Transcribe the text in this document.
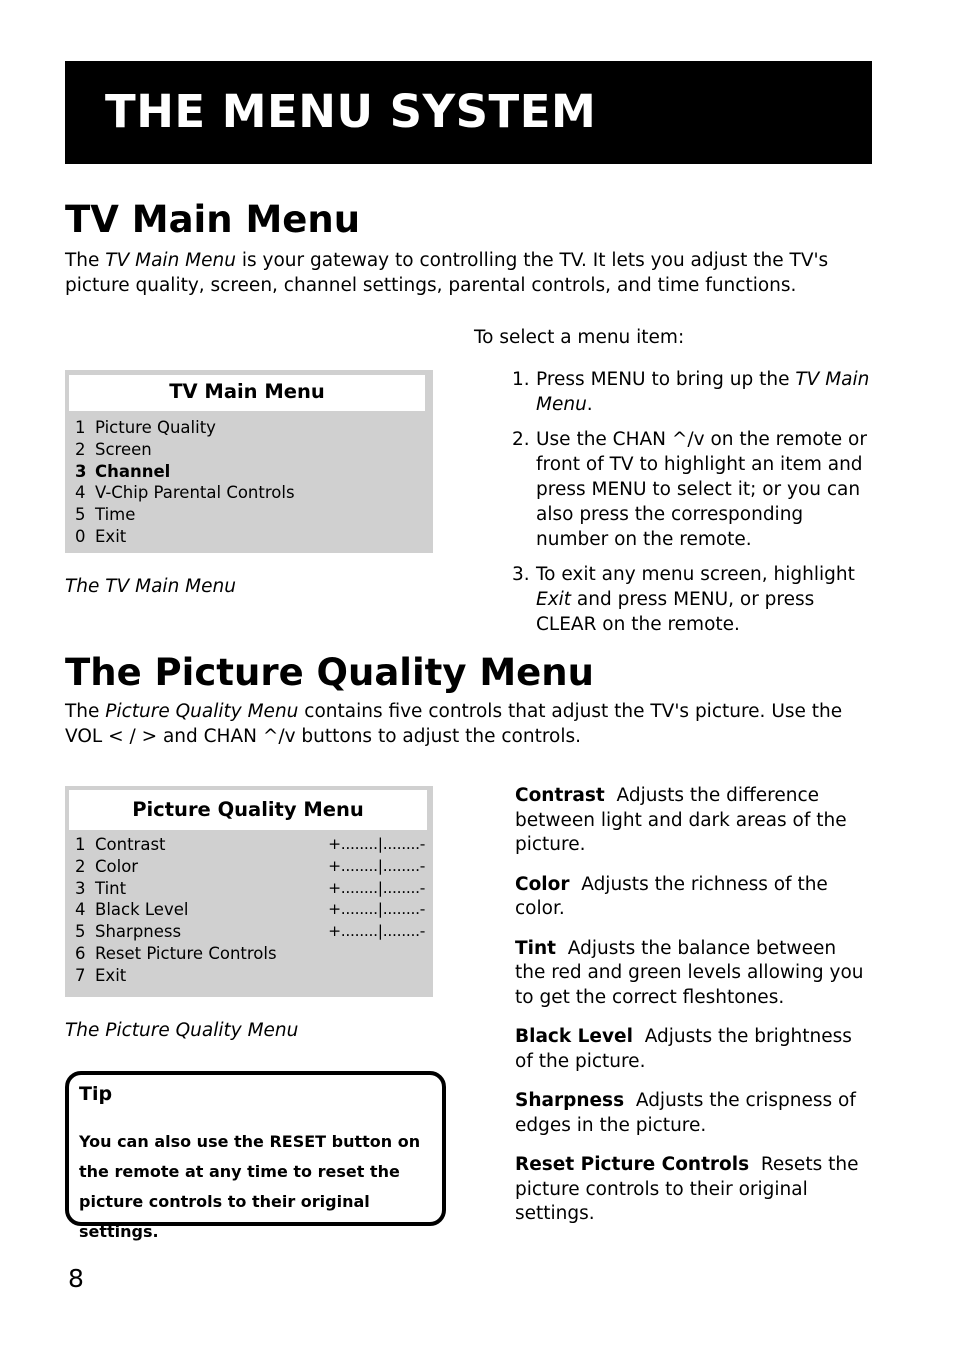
THE MENU SYSTEM
TV Main Menu
The TV Main Menu is your gateway to controlling the TV. It lets you adjust the TV's picture quality, screen, channel settings, parental controls, and time functions.
TV Main Menu
1 Picture Quality
2 Screen
3 Channel
4 V-Chip Parental Controls
5 Time
0 Exit
The TV Main Menu
To select a menu item:
1. Press MENU to bring up the TV Main Menu.
2. Use the CHAN ^/v on the remote or front of TV to highlight an item and press MENU to select it; or you can also press the corresponding number on the remote.
3. To exit any menu screen, highlight Exit and press MENU, or press CLEAR on the remote.
The Picture Quality Menu
The Picture Quality Menu contains five controls that adjust the TV's picture. Use the VOL < / > and CHAN ^/v buttons to adjust the controls.
Picture Quality Menu
1 Contrast	+........|........-
2 Color	+........|........-
3 Tint	+........|........-
4 Black Level	+........|........-
5 Sharpness	+........|........-
6 Reset Picture Controls
7 Exit
The Picture Quality Menu

Contrast Adjusts the difference between light and dark areas of the picture.

Color Adjusts the richness of the color.

Tint Adjusts the balance between the red and green levels allowing you to get the correct fleshtones.

Black Level Adjusts the brightness of the picture.

Sharpness Adjusts the crispness of edges in the picture.

Reset Picture Controls Resets the picture controls to their original settings.

Tip
You can also use the RESET button on the remote at any time to reset the picture controls to their original settings.
8
